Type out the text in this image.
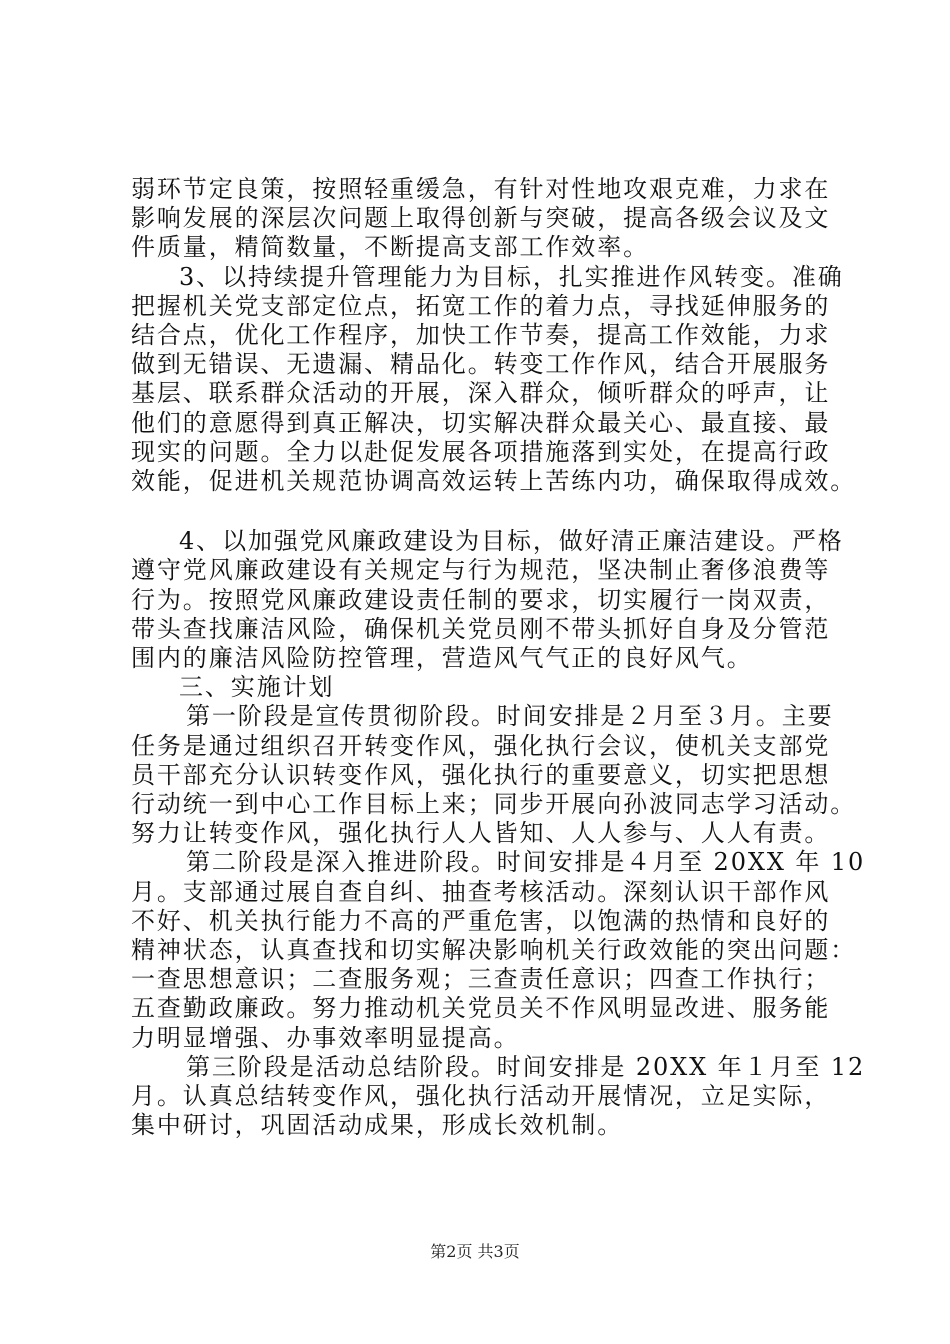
弱环节定良策，按照轻重缓急，有针对性地攻艰克难，力求在

影响发展的深层次问题上取得创新与突破，提高各级会议及文

件质量，精简数量，不断提高支部工作效率。

3、以持续提升管理能力为目标，扎实推进作风转变。准确

把握机关党支部定位点，拓宽工作的着力点，寻找延伸服务的

结合点，优化工作程序，加快工作节奏，提高工作效能，力求

做到无错误、无遗漏、精品化。转变工作作风，结合开展服务

基层、联系群众活动的开展，深入群众，倾听群众的呼声，让

他们的意愿得到真正解决，切实解决群众最关心、最直接、最

现实的问题。全力以赴促发展各项措施落到实处，在提高行政

效能，促进机关规范协调高效运转上苦练内功，确保取得成效。

4、以加强党风廉政建设为目标，做好清正廉洁建设。严格

遵守党风廉政建设有关规定与行为规范，坚决制止奢侈浪费等

行为。按照党风廉政建设责任制的要求，切实履行一岗双责，

带头查找廉洁风险，确保机关党员刚不带头抓好自身及分管范

围内的廉洁风险防控管理，营造风气气正的良好风气。

三、实施计划

第一阶段是宣传贯彻阶段。时间安排是２月至３月。主要

任务是通过组织召开转变作风，强化执行会议，使机关支部党

员干部充分认识转变作风，强化执行的重要意义，切实把思想

行动统一到中心工作目标上来；同步开展向孙波同志学习活动。

努力让转变作风，强化执行人人皆知、人人参与、人人有责。

第二阶段是深入推进阶段。时间安排是４月至 20XX 年 10

月。支部通过展自查自纠、抽查考核活动。深刻认识干部作风

不好、机关执行能力不高的严重危害，以饱满的热情和良好的

精神状态，认真查找和切实解决影响机关行政效能的突出问题：

一查思想意识；二查服务观；三查责任意识；四查工作执行；

五查勤政廉政。努力推动机关党员关不作风明显改进、服务能

力明显增强、办事效率明显提高。

第三阶段是活动总结阶段。时间安排是 20XX 年１月至 12

月。认真总结转变作风，强化执行活动开展情况，立足实际，

集中研讨，巩固活动成果，形成长效机制。

第2页 共3页
